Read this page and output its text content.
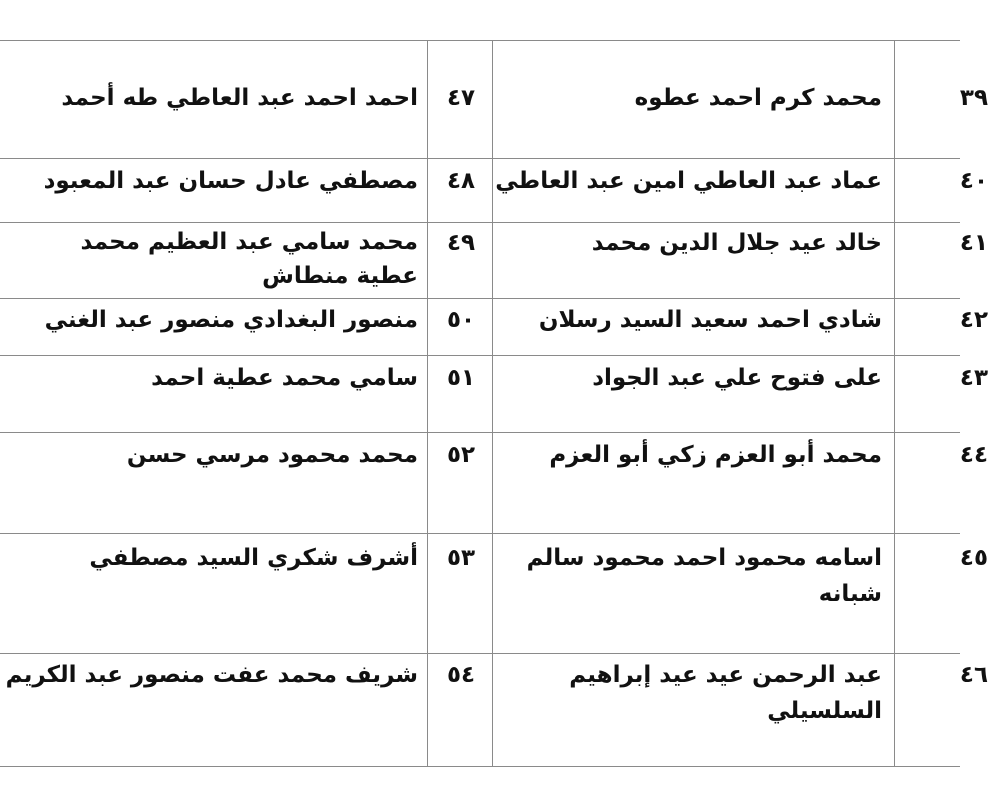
٣٩
محمد كرم احمد عطوه
٤٧
احمد احمد عبد العاطي طه أحمد
٤٠
عماد عبد العاطي امين عبد العاطي
٤٨
مصطفي عادل حسان عبد المعبود
٤١
خالد عيد جلال الدين محمد
٤٩
محمد سامي عبد العظيم محمد عطية منطاش
٤٢
شادي احمد سعيد السيد رسلان
٥٠
منصور البغدادي منصور عبد الغني
٤٣
على فتوح علي عبد الجواد
٥١
سامي محمد عطية احمد
٤٤
محمد أبو العزم زكي أبو العزم
٥٢
محمد محمود مرسي حسن
٤٥
اسامه محمود احمد محمود سالم شبانه
٥٣
أشرف شكري السيد مصطفي
٤٦
عبد الرحمن عيد عيد إبراهيم السلسيلي
٥٤
شريف محمد عفت منصور عبد الكريم
